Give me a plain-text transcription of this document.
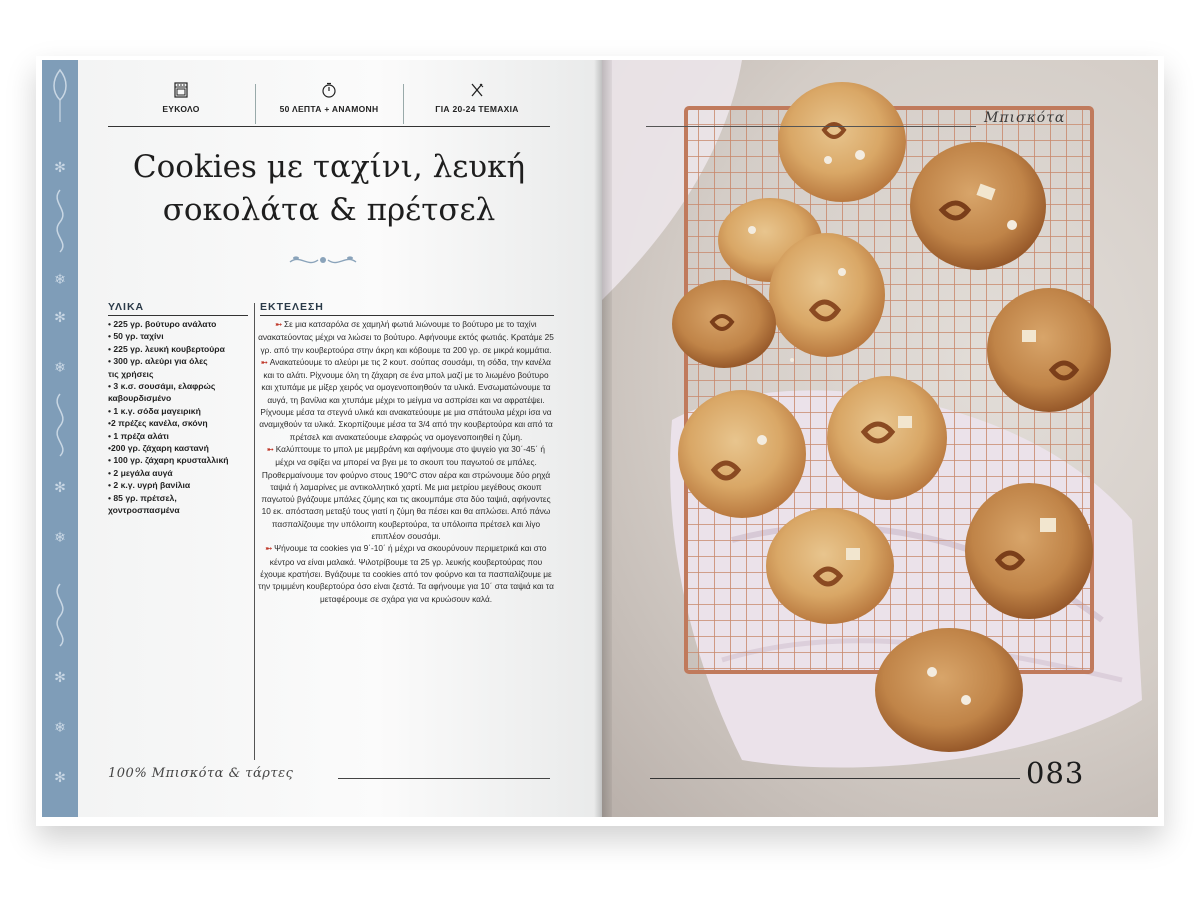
✻
❄
✻
❄
✻
❄
✻
❄
✻
ΕΥΚΟΛΟ	50 ΛΕΠΤΑ + ΑΝΑΜΟΝΗ	ΓΙΑ 20-24 ΤΕΜΑΧΙΑ
Cookies με ταχίνι, λευκή
σοκολάτα & πρέτσελ
ΥΛΙΚΑ	ΕΚΤΕΛΕΣΗ
• 225 γρ. βούτυρο ανάλατο
• 50 γρ. ταχίνι
• 225 γρ. λευκή κουβερτούρα
• 300 γρ. αλεύρι για όλες
τις χρήσεις
• 3 κ.σ. σουσάμι, ελαφρώς
καβουρδισμένο
• 1 κ.γ. σόδα μαγειρική
•2 πρέζες κανέλα, σκόνη
• 1 πρέζα αλάτι
•200 γρ. ζάχαρη καστανή
• 100 γρ. ζάχαρη κρυσταλλική
• 2 μεγάλα αυγά
• 2 κ.γ. υγρή βανίλια
• 85 γρ. πρέτσελ,
χοντροσπασμένα

➸ Σε μια κατσαρόλα σε χαμηλή φωτιά λιώνουμε το βούτυρο με το ταχίνι ανακατεύοντας μέχρι να λιώσει το βούτυρο. Αφήνουμε εκτός φωτιάς. Κρατάμε 25 γρ. από την κουβερτούρα στην άκρη και κόβουμε τα 200 γρ. σε μικρά κομμάτια.

➸ Ανακατεύουμε το αλεύρι με τις 2 κουτ. σούπας σουσάμι, τη σόδα, την κανέλα και το αλάτι. Ρίχνουμε όλη τη ζάχαρη σε ένα μπολ μαζί με το λιωμένο βούτυρο και χτυπάμε με μίξερ χειρός να ομογενοποιηθούν τα υλικά. Ενσωματώνουμε τα αυγά, τη βανίλια και χτυπάμε μέχρι το μείγμα να ασπρίσει και να αφρατέψει. Ρίχνουμε μέσα τα στεγνά υλικά και ανακατεύουμε με μια σπάτουλα μέχρι ίσα να αναμιχθούν τα υλικά. Σκορπίζουμε μέσα τα 3/4 από την κουβερτούρα και από τα πρέτσελ και ανακατεύουμε ελαφρώς να ομογενοποιηθεί η ζύμη.

➸ Καλύπτουμε το μπολ με μεμβράνη και αφήνουμε στο ψυγείο για 30΄-45΄ ή μέχρι να σφίξει να μπορεί να βγει με το σκουπ του παγωτού σε μπάλες. Προθερμαίνουμε τον φούρνο στους 190°C στον αέρα και στρώνουμε δύο ρηχά ταψιά ή λαμαρίνες με αντικολλητικό χαρτί. Με μια μετρίου μεγέθους σκουπ παγωτού βγάζουμε μπάλες ζύμης και τις ακουμπάμε στα δύο ταψιά, αφήνοντες 10 εκ. απόσταση μεταξύ τους γιατί η ζύμη θα πέσει και θα απλώσει. Από πάνω πασπαλίζουμε την υπόλοιπη κουβερτούρα, τα υπόλοιπα πρέτσελ και λίγο επιπλέον σουσάμι.

➸ Ψήνουμε τα cookies για 9΄-10΄ ή μέχρι να σκουρύνουν περιμετρικά και στο κέντρο να είναι μαλακά. Ψιλοτρίβουμε τα 25 γρ. λευκής κουβερτούρας που έχουμε κρατήσει. Βγάζουμε τα cookies από τον φούρνο και τα πασπαλίζουμε με την τριμμένη κουβερτούρα όσο είναι ζεστά. Τα αφήνουμε για 10΄ στα ταψιά και τα μεταφέρουμε σε σχάρα για να κρυώσουν καλά.

100% Μπισκότα & τάρτες
Μπισκότα
083
